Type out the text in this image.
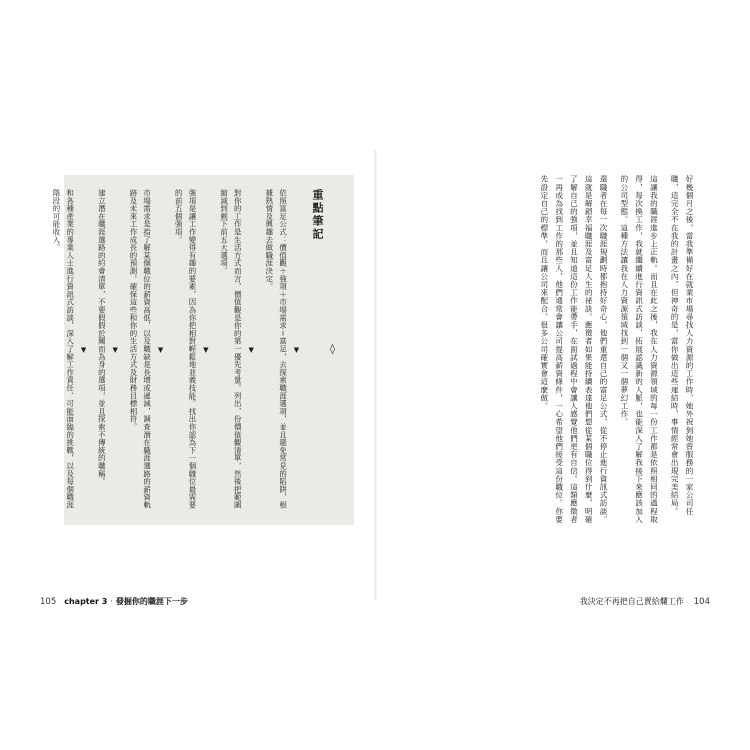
◊
重點筆記
▼
依照富足公式：價值觀＋強項＋市場需求＝富足，去探索職涯選項，並且避免常見的陷阱，根據熱情及興趣去做職涯決定。
▼
對你的工作是生活方式而言，價值觀是你的第一優先考量。列出，份價值觀清單，然後把範圍縮減到剩下前五大選項。
▼
強項是讓工作變得有趣的要素，因為你把相對輕鬆地並義技能。找出你認為下一個職位最需要的前五個強項。
▼
市場需求是指了解某個職位的薪資高低，以及職缺是長增或遞減，調查潛在職涯選路的薪資軌跡及未來工作成長的預測，確保這些和你的生活方式及財務目標相符。
▼
建立潛在職涯選路的約會清單，不要假假於關而為身的選項，並且探索不傳統的職稱。
▼
和各種產業的專業人士進行資訊式訪談，深入了解工作責任、可能面臨的挑戰，以及每個職涯階段的可能收入。	好幾個月之後，當我準備好在就業市場尋找人力資源的工作時，她外祝到她曾服務的一家公司任職，這完全不在我的計畫之內，但神奇的是，當你做出這些連結時，事情經常會出現完美結局。
這讓我的職涯進步上正軌。而且在此之後，我在人力資源領域的每一份工作都是依照相同的過程取得，每次換工作，我就繼續進行資訊式訪談，拓展認識新的人脈，也能深入了解我接下來應該加入的公司型態。這種方法讓我在人力資源領域找到一個又一個夢幻工作。
還職者在每一次職涯規劃時都抱持好奇心，他們重還自己的富足公式，從不停止進行資訊式訪談。這就是解鎖幸福職涯及富足人生的祕訣。應徵者如果能持續表達他們想從某個職位得到什麼，明確了解自己的強項，並且知道這份工作能帶手，在面試過程中會讓人感覺他們更有自信。這類應徵者一再成為找到工作的那些人，他們通常會讓公司提高薪資條件，一心希望他們接受這份職位。你要先設定自己的標準，而且讓公司來配合。很多公司確實會這麼做。
105 chapter 3 ‧ 發掘你的職涯下一步	我決定不再把自己賣給爛工作 104
